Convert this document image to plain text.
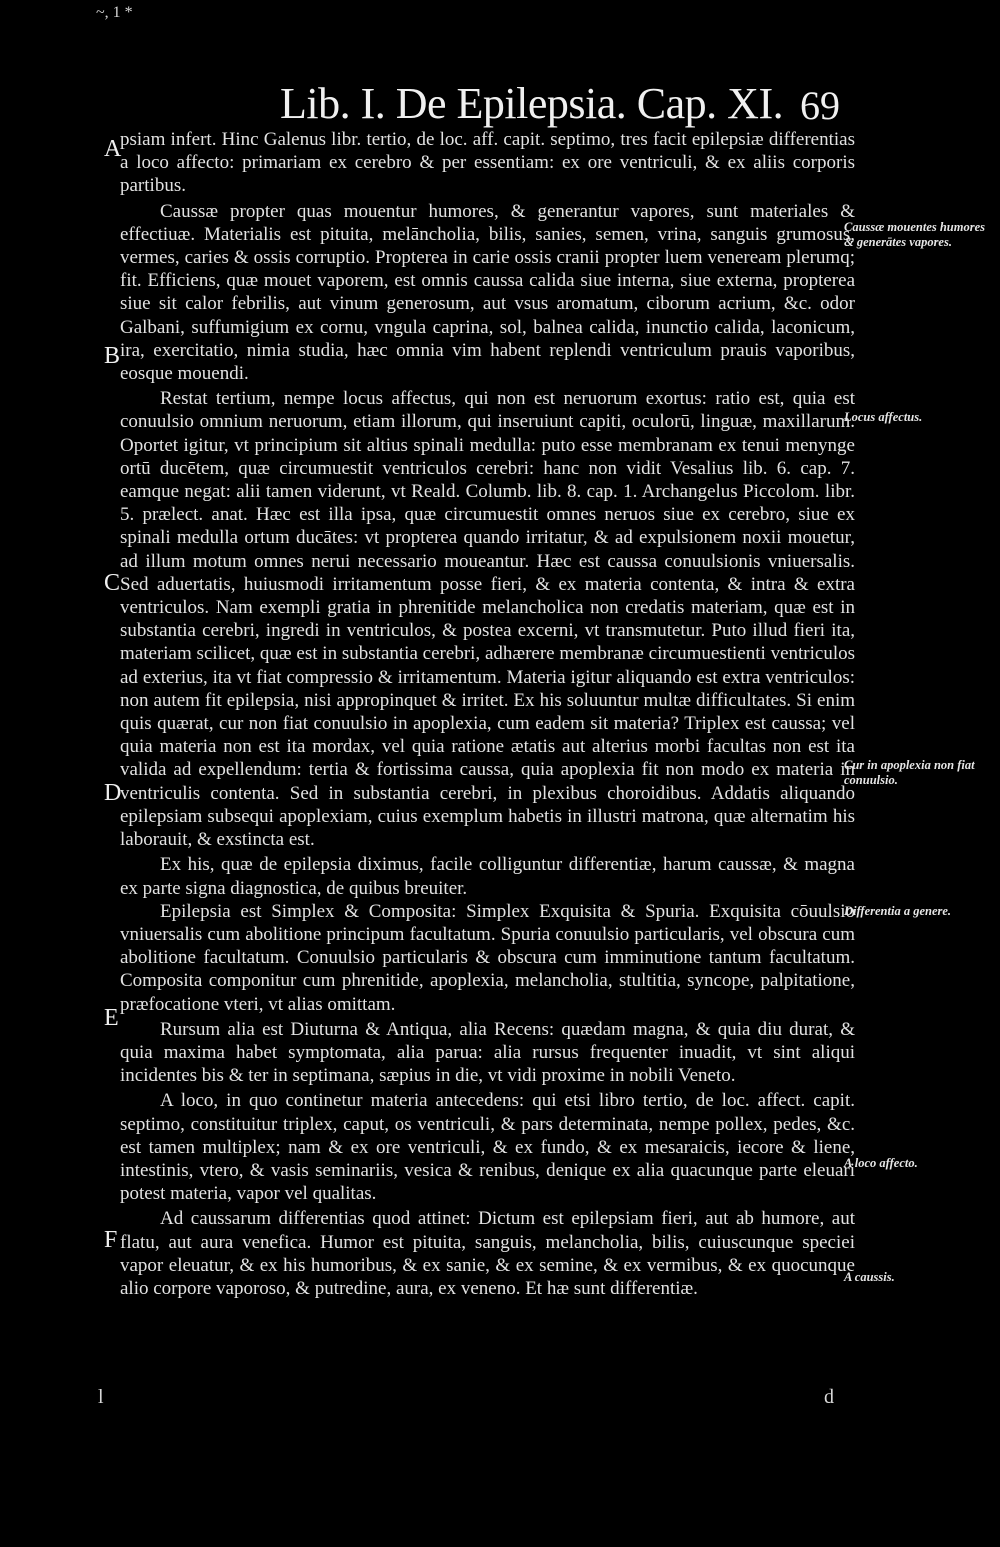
~, 1 *
Lib. I. De Epilepsia. Cap. XI. 69
A
B
C
D
E
F

psiam infert. Hinc Galenus libr. tertio, de loc. aff. capit. septimo, tres facit epilepsiæ differentias a loco affecto: primariam ex cerebro & per essentiam: ex ore ventriculi, & ex aliis corporis partibus.

Caussæ propter quas mouentur humores, & generantur vapores, sunt materiales & effectiuæ. Materialis est pituita, melāncholia, bilis, sanies, semen, vrina, sanguis grumosus, vermes, caries & ossis corruptio. Propterea in carie ossis cranii propter luem veneream plerumq; fit. Efficiens, quæ mouet vaporem, est omnis caussa calida siue interna, siue externa, propterea siue sit calor febrilis, aut vinum generosum, aut vsus aromatum, ciborum acrium, &c. odor Galbani, suffumigium ex cornu, vngula caprina, sol, balnea calida, inunctio calida, laconicum, ira, exercitatio, nimia studia, hæc omnia vim habent replendi ventriculum prauis vaporibus, eosque mouendi.

Restat tertium, nempe locus affectus, qui non est neruorum exortus: ratio est, quia est conuulsio omnium neruorum, etiam illorum, qui inseruiunt capiti, oculorū, linguæ, maxillarum. Oportet igitur, vt principium sit altius spinali medulla: puto esse membranam ex tenui menynge ortū ducētem, quæ circumuestit ventriculos cerebri: hanc non vidit Vesalius lib. 6. cap. 7. eamque negat: alii tamen viderunt, vt Reald. Columb. lib. 8. cap. 1. Archangelus Piccolom. libr. 5. prælect. anat. Hæc est illa ipsa, quæ circumuestit omnes neruos siue ex cerebro, siue ex spinali medulla ortum ducātes: vt propterea quando irritatur, & ad expulsionem noxii mouetur, ad illum motum omnes nerui necessario moueantur. Hæc est caussa conuulsionis vniuersalis. Sed aduertatis, huiusmodi irritamentum posse fieri, & ex materia contenta, & intra & extra ventriculos. Nam exempli gratia in phrenitide melancholica non credatis materiam, quæ est in substantia cerebri, ingredi in ventriculos, & postea excerni, vt transmutetur. Puto illud fieri ita, materiam scilicet, quæ est in substantia cerebri, adhærere membranæ circumuestienti ventriculos ad exterius, ita vt fiat compressio & irritamentum. Materia igitur aliquando est extra ventriculos: non autem fit epilepsia, nisi appropinquet & irritet. Ex his soluuntur multæ difficultates. Si enim quis quærat, cur non fiat conuulsio in apoplexia, cum eadem sit materia? Triplex est caussa; vel quia materia non est ita mordax, vel quia ratione ætatis aut alterius morbi facultas non est ita valida ad expellendum: tertia & fortissima caussa, quia apoplexia fit non modo ex materia in ventriculis contenta. Sed in substantia cerebri, in plexibus choroidibus. Addatis aliquando epilepsiam subsequi apoplexiam, cuius exemplum habetis in illustri matrona, quæ alternatim his laborauit, & exstincta est.

Ex his, quæ de epilepsia diximus, facile colliguntur differentiæ, harum caussæ, & magna ex parte signa diagnostica, de quibus breuiter.

Epilepsia est Simplex & Composita: Simplex Exquisita & Spuria. Exquisita cōuulsio vniuersalis cum abolitione principum facultatum. Spuria conuulsio particularis, vel obscura cum abolitione facultatum. Conuulsio particularis & obscura cum imminutione tantum facultatum. Composita componitur cum phrenitide, apoplexia, melancholia, stultitia, syncope, palpitatione, præfocatione vteri, vt alias omittam.

Rursum alia est Diuturna & Antiqua, alia Recens: quædam magna, & quia diu durat, & quia maxima habet symptomata, alia parua: alia rursus frequenter inuadit, vt sint aliqui incidentes bis & ter in septimana, sæpius in die, vt vidi proxime in nobili Veneto.

A loco, in quo continetur materia antecedens: qui etsi libro tertio, de loc. affect. capit. septimo, constituitur triplex, caput, os ventriculi, & pars determinata, nempe pollex, pedes, &c. est tamen multiplex; nam & ex ore ventriculi, & ex fundo, & ex mesaraicis, iecore & liene, intestinis, vtero, & vasis seminariis, vesica & renibus, denique ex alia quacunque parte eleuari potest materia, vapor vel qualitas.

Ad caussarum differentias quod attinet: Dictum est epilepsiam fieri, aut ab humore, aut flatu, aut aura venefica. Humor est pituita, sanguis, melancholia, bilis, cuiuscunque speciei vapor eleuatur, & ex his humoribus, & ex sanie, & ex semine, & ex vermibus, & ex quocunque alio corpore vaporoso, & putredine, aura, ex veneno. Et hæ sunt differentiæ.

Caussæ mouentes humores & generātes vapores.
Locus affectus.
Cur in apoplexia non fiat conuulsio.
Differentia a genere.
A loco affecto.
A caussis.
l	d
